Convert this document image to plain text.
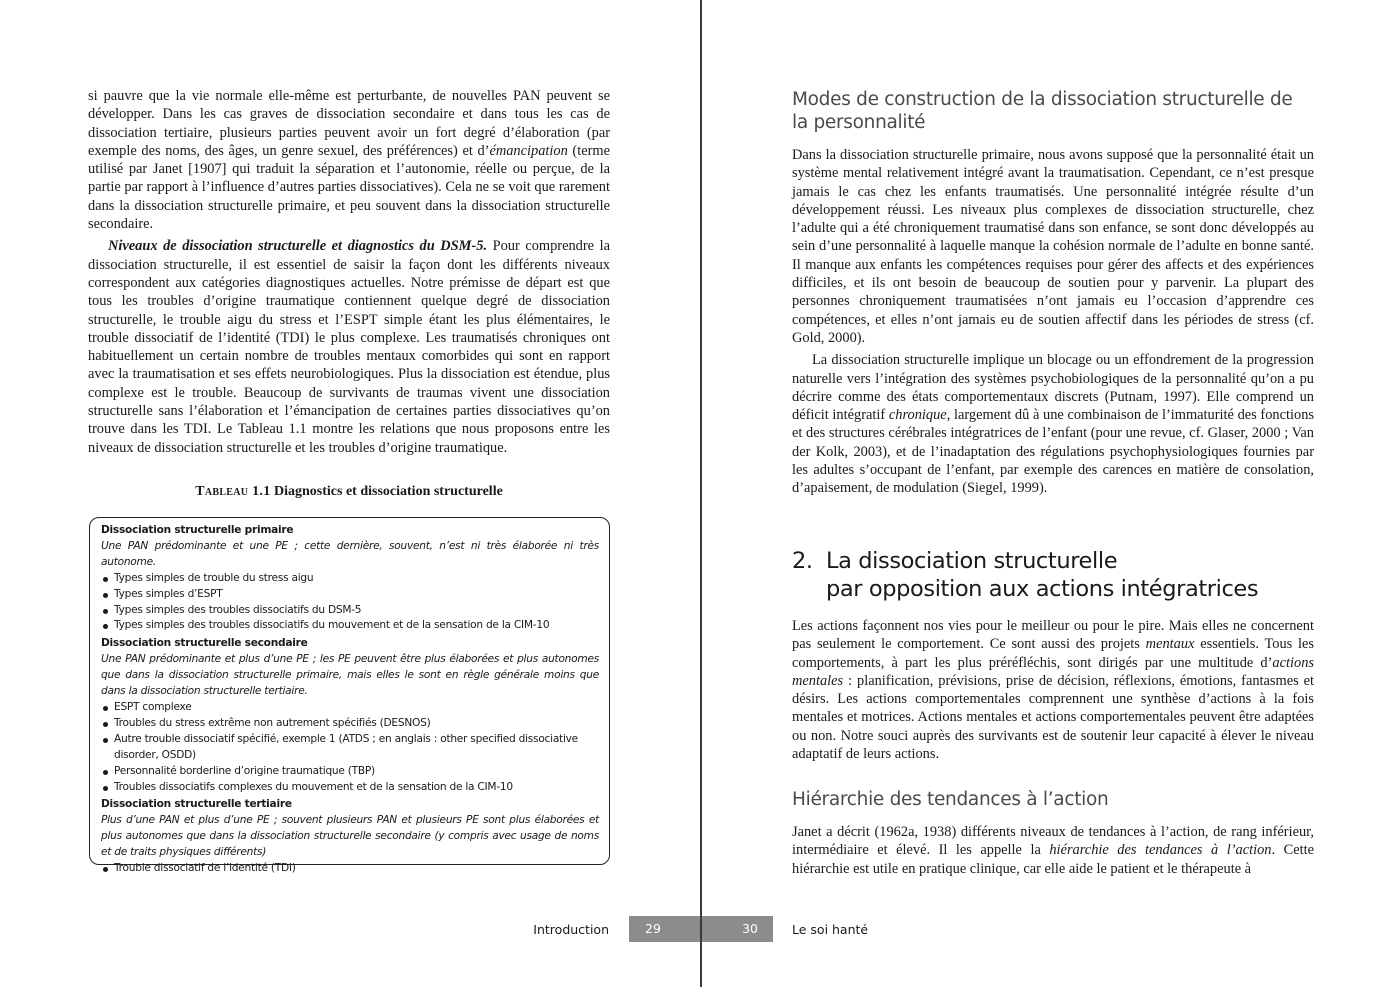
si pauvre que la vie normale elle-même est perturbante, de nouvelles PAN peuvent se développer. Dans les cas graves de dissociation secondaire et dans tous les cas de dissociation tertiaire, plusieurs parties peuvent avoir un fort degré d’élaboration (par exemple des noms, des âges, un genre sexuel, des préférences) et d’émancipation (terme utilisé par Janet [1907] qui traduit la séparation et l’autonomie, réelle ou perçue, de la partie par rapport à l’influence d’autres parties dissociatives). Cela ne se voit que rarement dans la dissociation structurelle primaire, et peu souvent dans la dissociation structurelle secondaire.

Niveaux de dissociation structurelle et diagnostics du DSM-5. Pour comprendre la dissociation structurelle, il est essentiel de saisir la façon dont les différents niveaux correspondent aux catégories diagnostiques actuelles. Notre prémisse de départ est que tous les troubles d’origine traumatique contiennent quelque degré de dissociation structurelle, le trouble aigu du stress et l’ESPT simple étant les plus élémentaires, le trouble dissociatif de l’identité (TDI) le plus complexe. Les traumatisés chroniques ont habituellement un certain nombre de troubles mentaux comorbides qui sont en rapport avec la traumatisation et ses effets neurobiologiques. Plus la dissociation est étendue, plus complexe est le trouble. Beaucoup de survivants de traumas vivent une dissociation structurelle sans l’élaboration et l’émancipation de certaines parties dissociatives qu’on trouve dans les TDI. Le Tableau 1.1 montre les relations que nous proposons entre les niveaux de dissociation structurelle et les troubles d’origine traumatique.

Tableau 1.1 Diagnostics et dissociation structurelle
Dissociation structurelle primaire
Une PAN prédominante et une PE ; cette dernière, souvent, n’est ni très élaborée ni très autonome.
Types simples de trouble du stress aigu
Types simples d’ESPT
Types simples des troubles dissociatifs du DSM-5
Types simples des troubles dissociatifs du mouvement et de la sensation de la CIM-10
Dissociation structurelle secondaire
Une PAN prédominante et plus d’une PE ; les PE peuvent être plus élaborées et plus autonomes que dans la dissociation structurelle primaire, mais elles le sont en règle générale moins que dans la dissociation structurelle tertiaire.
ESPT complexe
Troubles du stress extrême non autrement spécifiés (DESNOS)
Autre trouble dissociatif spécifié, exemple 1 (ATDS ; en anglais : other specified dissociative disorder, OSDD)
Personnalité borderline d’origine traumatique (TBP)
Troubles dissociatifs complexes du mouvement et de la sensation de la CIM-10
Dissociation structurelle tertiaire
Plus d’une PAN et plus d’une PE ; souvent plusieurs PAN et plusieurs PE sont plus élaborées et plus autonomes que dans la dissociation structurelle secondaire (y compris avec usage de noms et de traits physiques différents)
Trouble dissociatif de l’identité (TDI)
Introduction	29
Modes de construction de la dissociation structurelle de la personnalité

Dans la dissociation structurelle primaire, nous avons supposé que la personnalité était un système mental relativement intégré avant la traumatisation. Cependant, ce n’est presque jamais le cas chez les enfants traumatisés. Une personnalité intégrée résulte d’un développement réussi. Les niveaux plus complexes de dissociation structurelle, chez l’adulte qui a été chroniquement traumatisé dans son enfance, se sont donc développés au sein d’une personnalité à laquelle manque la cohésion normale de l’adulte en bonne santé. Il manque aux enfants les compétences requises pour gérer des affects et des expériences difficiles, et ils ont besoin de beaucoup de soutien pour y parvenir. La plupart des personnes chroniquement traumatisées n’ont jamais eu l’occasion d’apprendre ces compétences, et elles n’ont jamais eu de soutien affectif dans les périodes de stress (cf. Gold, 2000).

La dissociation structurelle implique un blocage ou un effondrement de la progression naturelle vers l’intégration des systèmes psychobiologiques de la personnalité qu’on a pu décrire comme des états comportementaux discrets (Putnam, 1997). Elle comprend un déficit intégratif chronique, largement dû à une combinaison de l’immaturité des fonctions et des structures cérébrales intégratrices de l’enfant (pour une revue, cf. Glaser, 2000 ; Van der Kolk, 2003), et de l’inadaptation des régulations psychophysiologiques fournies par les adultes s’occupant de l’enfant, par exemple des carences en matière de consolation, d’apaisement, de modulation (Siegel, 1999).

2. La dissociation structurelle
par opposition aux actions intégratrices

Les actions façonnent nos vies pour le meilleur ou pour le pire. Mais elles ne concernent pas seulement le comportement. Ce sont aussi des projets mentaux essentiels. Tous les comportements, à part les plus préréfléchis, sont dirigés par une multitude d’actions mentales : planification, prévisions, prise de décision, réflexions, émotions, fantasmes et désirs. Les actions comportementales comprennent une synthèse d’actions à la fois mentales et motrices. Actions mentales et actions comportementales peuvent être adaptées ou non. Notre souci auprès des survivants est de soutenir leur capacité à élever le niveau adaptatif de leurs actions.

Hiérarchie des tendances à l’action

Janet a décrit (1962a, 1938) différents niveaux de tendances à l’action, de rang inférieur, intermédiaire et élevé. Il les appelle la hiérarchie des tendances à l’action. Cette hiérarchie est utile en pratique clinique, car elle aide le patient et le thérapeute à

30	Le soi hanté
